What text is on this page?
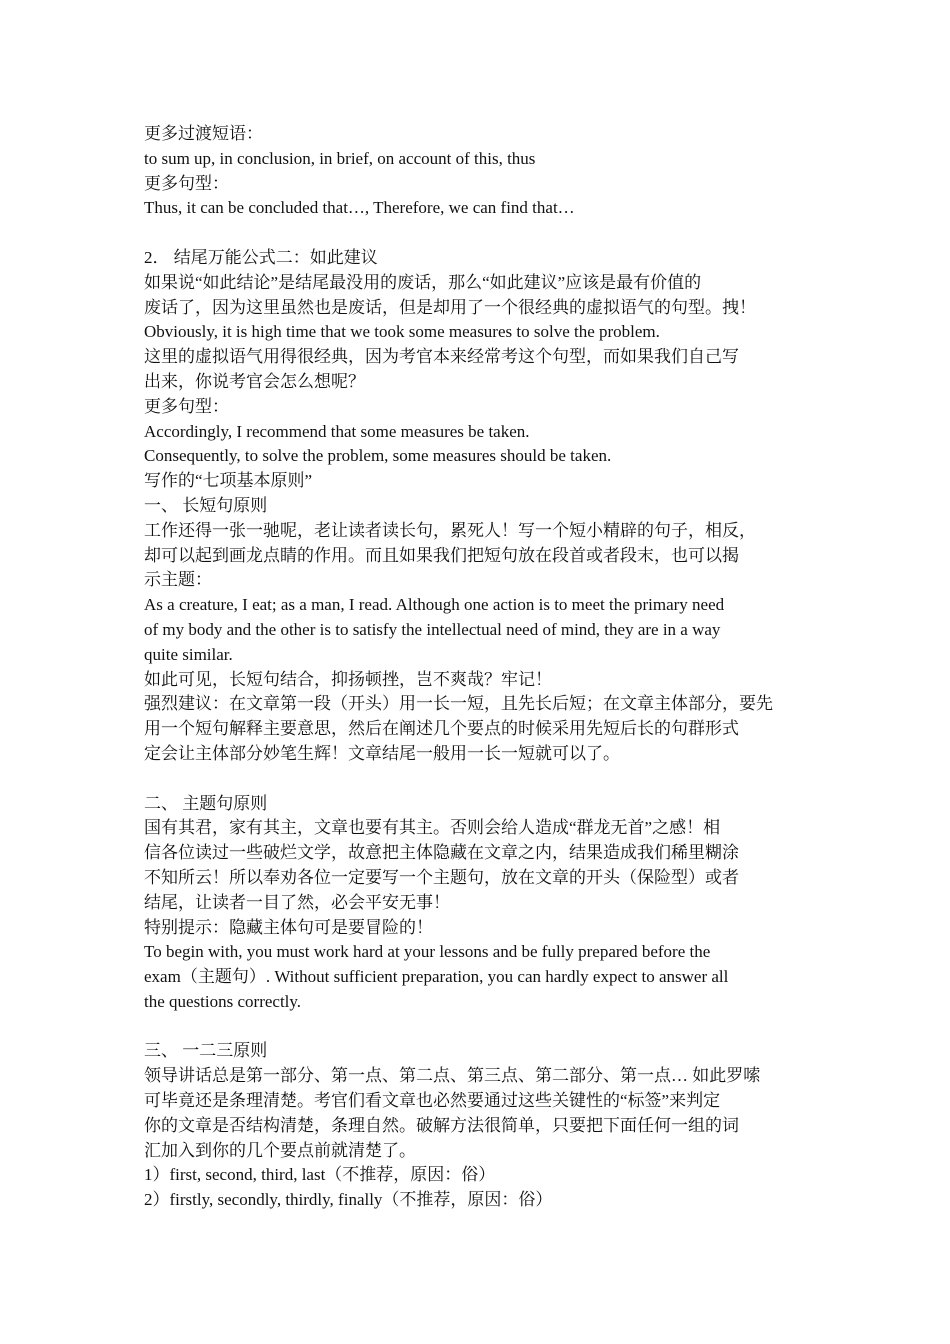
更多过渡短语：
to sum up, in conclusion, in brief, on account of this, thus
更多句型：
Thus, it can be concluded that…, Therefore, we can find that…
2． 结尾万能公式二：如此建议
如果说“如此结论”是结尾最没用的废话，那么“如此建议”应该是最有价值的
废话了，因为这里虽然也是废话，但是却用了一个很经典的虚拟语气的句型。拽！
Obviously, it is high time that we took some measures to solve the problem.
这里的虚拟语气用得很经典，因为考官本来经常考这个句型，而如果我们自己写
出来，你说考官会怎么想呢？
更多句型：
Accordingly, I recommend that some measures be taken.
Consequently, to solve the problem, some measures should be taken.
写作的“七项基本原则”
一、 长短句原则
工作还得一张一驰呢，老让读者读长句，累死人！写一个短小精辟的句子，相反，
却可以起到画龙点睛的作用。而且如果我们把短句放在段首或者段末，也可以揭
示主题：
As a creature, I eat; as a man, I read. Although one action is to meet the primary need
of my body and the other is to satisfy the intellectual need of mind, they are in a way
quite similar.
如此可见，长短句结合，抑扬顿挫，岂不爽哉？牢记！
强烈建议：在文章第一段（开头）用一长一短，且先长后短；在文章主体部分，要先
用一个短句解释主要意思，然后在阐述几个要点的时候采用先短后长的句群形式
定会让主体部分妙笔生辉！文章结尾一般用一长一短就可以了。
二、 主题句原则
国有其君，家有其主，文章也要有其主。否则会给人造成“群龙无首”之感！相
信各位读过一些破烂文学，故意把主体隐藏在文章之内，结果造成我们稀里糊涂
不知所云！所以奉劝各位一定要写一个主题句，放在文章的开头（保险型）或者
结尾，让读者一目了然，必会平安无事！
特别提示：隐藏主体句可是要冒险的！
To begin with, you must work hard at your lessons and be fully prepared before the
exam（主题句）. Without sufficient preparation, you can hardly expect to answer all
the questions correctly.
三、 一二三原则
领导讲话总是第一部分、第一点、第二点、第三点、第二部分、第一点… 如此罗嗦
可毕竟还是条理清楚。考官们看文章也必然要通过这些关键性的“标签”来判定
你的文章是否结构清楚，条理自然。破解方法很简单，只要把下面任何一组的词
汇加入到你的几个要点前就清楚了。
1）first, second, third, last（不推荐，原因：俗）
2）firstly, secondly, thirdly, finally（不推荐，原因：俗）
